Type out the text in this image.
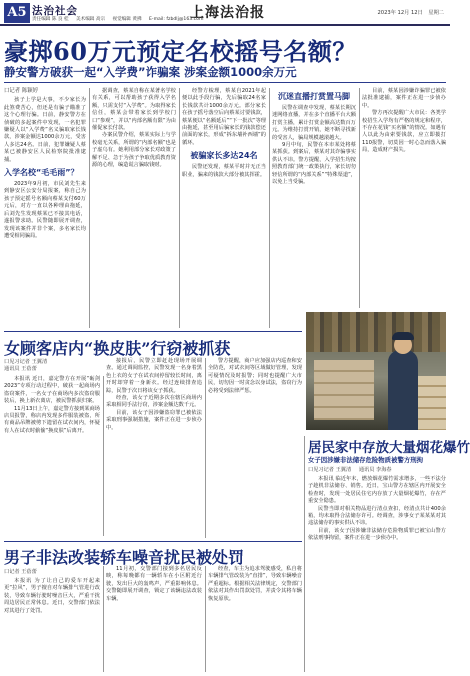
A5 法治社会
责任编辑 陈 良 桂 美术编辑 高宗 视觉编辑 黄拂 E-mail: fzbdlj@163.com
上海法治报	2023年 12月 12日 星期二
豪掷60万元预定名校摇号名额？
静安警方破获一起“入学费”诈骗案 涉案金额1000余万元
口记者 陈颖婷

孩子上学是大事，不少家长为此煞费苦心，但还是有骗子瞄准了这个心理行骗。日前，静安警方在侦破的多起案件中发现，一名犯罪嫌疑人以“入学费”名义骗取家长钱款，涉案金额达1000余万元，受害人多达24名。日前，犯罪嫌疑人蔡某已被静安区人民检察院批准逮捕。

入学名校“毛毛雨”？

2023年9月初，市民刘先生来到静安区公安分局报案，称自己为孩子预定摇号名额向蔡某支付60万元后，对方一直以各种理由拖延，后刘先生发现蔡某已不接其电话，遂报警求助。民警随即展开调查，发现该案件并非个案，多名家长均遭受相同骗局。

据调查，蔡某自称在某著名学校有关系，可以帮助孩子获得入学名额，只需支付“入学费”。为取得家长信任，蔡某会带着家长到学校门口“参观”，并以“内部名额有限”为由催促家长付款。

办案民警介绍，蔡某实际上与学校毫无关系，所谓的“内部名额”也是子虚乌有。她利用部分家长对政策了解不足、急于为孩子争取优质教育资源的心理，编造谎言骗取钱财。

经警方梳理，蔡某自2021年起便以此手段行骗，先后骗取24名家长钱款共计1000余万元。部分家长在孩子摇号落空后向蔡某讨要钱款，蔡某便以“名额延后”“下一批次”等理由拖延，甚至用后骗家长的钱款偿还前面的家长，形成“拆东墙补西墙”的循环。

被骗家长多达24名

民警还发现，蔡某平时并无正当职业，骗来的钱款大部分被其挥霍。

沉迷直播打赏置马脚

民警在调查中发现，蔡某长期沉迷网络直播，并在多个直播平台大额打赏主播，累计打赏金额高达数百万元。为维持打赏开销，她不断寻找新的受害人，骗局规模越滚越大。

9月中旬，民警在本市某处将蔡某抓获。到案后，蔡某对其诈骗事实供认不讳。警方提醒，入学招生均按照教育部门统一政策执行，家长切勿轻信所谓的“内部关系”“特殊渠道”，以免上当受骗。

目前，蔡某因涉嫌诈骗罪已被依法批准逮捕，案件正在进一步侦办中。

警方再次提醒广大市民：各类学校招生入学均有严格的规定和程序，不存在花钱“买名额”的情况。如遇有人以此为由索要钱款，应立即拨打110报警，切莫因一时心急而落入骗局，造成财产损失。

女顾客店内“换皮肤”行窃被抓获
口见习记者 王翼清
通讯员 王蓓蕾

本报讯 近日，嘉定警方在开展“砺剑2023”专项行动过程中，破获一起商场内盗窃案件，一名女子在商场内多次盗窃服装后，换上新衣离店，被民警抓获归案。

11月13日上午，嘉定警方接到某商场店员报警，称店内发现多件服装被盗，所有商品吊牌被剪下遗留在试衣间内，怀疑有人在试衣时偷偷“换皮肤”后离开。

接报后，民警立即赶赴现场开展调查。通过调阅监控，民警发现一名身着黑色上衣的女子在试衣间停留较长时间，离开时却穿着一身新衣。经过连续排查追踪，民警于次日将该女子抓获。

经查，该女子近期多次在辖区商场内采取相同手法行窃，涉案金额达数千元。

目前，该女子因涉嫌盗窃罪已被依法采取刑事强制措施，案件正在进一步侦办中。

警方提醒，商户应加强店内巡查和安全防范，对试衣间等区域做好管理，发现可疑情况及时报警；同时也提醒广大市民，切勿因一时贪念以身试法，盗窃行为必将受到法律严惩。

居民家中存放大量烟花爆竹
女子因涉嫌非法储存危险物质被警方刑拘
口见习记者 王翼清 通讯员 李海春

本报讯 临近年末，燃放烟花爆竹需求增多，一些不法分子趁机非法储存、销售。近日，宝山警方在辖区内开展安全检查时，发现一处居民住宅内存放了大量烟花爆竹，存在严重安全隐患。

民警当即对相关物品进行清点查扣，经清点共计400余箱，均未取得合法储存许可。经调查，涉事女子某某某对其违法储存的事实供认不讳。

目前，该女子因涉嫌非法储存危险物质罪已被宝山警方依法刑事拘留，案件正在进一步侦办中。

男子非法改装轿车噪音扰民被处罚
口记者 王蓓蕾

本报讯 为了让自己的爱车开起来更“拉风”，男子擅自对车辆排气管进行改装，导致车辆行驶时噪音巨大，严重干扰周边居民正常休息。近日，交警部门依法对其进行了处罚。

11月初，交警部门接到多名居民反映，称每晚都有一辆轿车在小区附近行驶，发出巨大的轰鸣声，严重影响休息。交警随即展开调查，锁定了该辆违法改装车辆。

经查，车主为追求驾驶感受，私自将车辆排气管改装为“直排”，导致车辆噪音严重超标。根据相关法律规定，交警部门依法对其作出罚款处罚，并责令其将车辆恢复原状。
